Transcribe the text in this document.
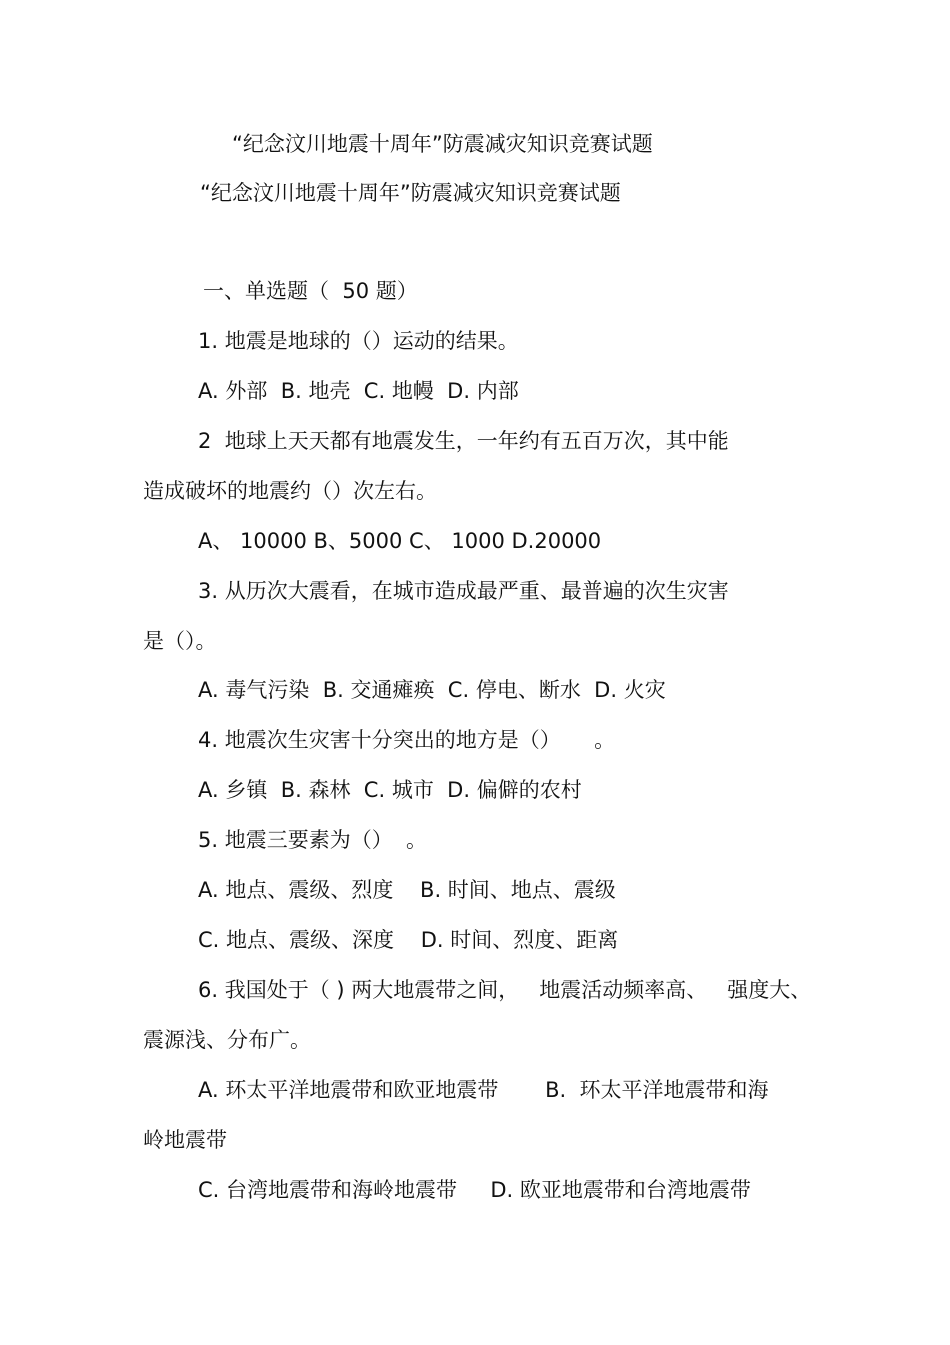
“纪念汶川地震十周年”防震减灾知识竞赛试题

“纪念汶川地震十周年”防震减灾知识竞赛试题

一、单选题（  50 题）

1. 地震是地球的（）运动的结果。

A. 外部  B. 地壳  C. 地幔  D. 内部

2  地球上天天都有地震发生，一年约有五百万次，其中能

造成破坏的地震约（）次左右。

A、 10000 B、5000 C、 1000 D.20000

3. 从历次大震看，在城市造成最严重、最普遍的次生灾害

是（）。

A. 毒气污染  B. 交通瘫痪  C. 停电、断水  D. 火灾

4. 地震次生灾害十分突出的地方是（）     。

A. 乡镇  B. 森林  C. 城市  D. 偏僻的农村

5. 地震三要素为（）  。

A. 地点、震级、烈度    B. 时间、地点、震级

C. 地点、震级、深度    D. 时间、烈度、距离

6. 我国处于（ ) 两大地震带之间，   地震活动频率高、   强度大、

震源浅、分布广。

A. 环太平洋地震带和欧亚地震带       B.  环太平洋地震带和海

岭地震带

C. 台湾地震带和海岭地震带     D. 欧亚地震带和台湾地震带
